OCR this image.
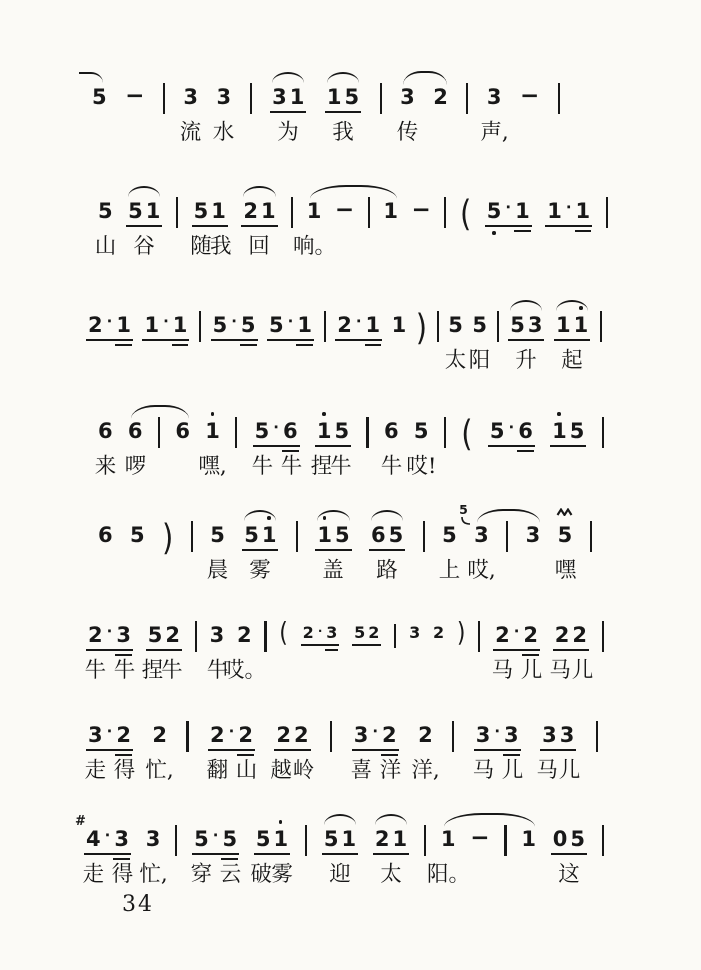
5 − 3 3 3 1 1 5 3 2 3 −
流 水 为 我 传	声,
5 5 1 5 1 2 1 1 − 1 − ( 5 ∙ 1 1 ∙ 1
山 谷 随
我 回 响。
2 ∙ 1 1 ∙ 1 5 ∙ 5 5 ∙ 1 2 ∙ 1 1 ) 5 5 5 3 1 1
太 阳 升 起
6 6 6 1 5 ∙ 6 1 5 6 5 ( 5 ∙ 6 1 5
来 啰 嘿, 牛 牛 捏
牛 牛 哎!
6 5 ) 5 5 1 1 5 6 5 5 3
5
3 5
晨 雾 盖 路 上 哎,	嘿
2 ∙ 3 5 2 3 2 ( 2 ∙ 3 5 2 3 2 ) 2 ∙ 2 2 2
牛 牛 捏
牛 牛
哎。	马 儿 马 儿
3 ∙ 2 2 2 ∙ 2 2 2 3 ∙ 2 2 3 ∙ 3 3 3
走 得 忙, 翻 山 越 岭 喜 洋 洋, 马 儿 马 儿
4
#
∙ 3 3 5 ∙ 5 5 1 5 1 2 1 1 − 1 0 5
走 得 忙, 穿 云 破 雾 迎 太 阳。	这
34
